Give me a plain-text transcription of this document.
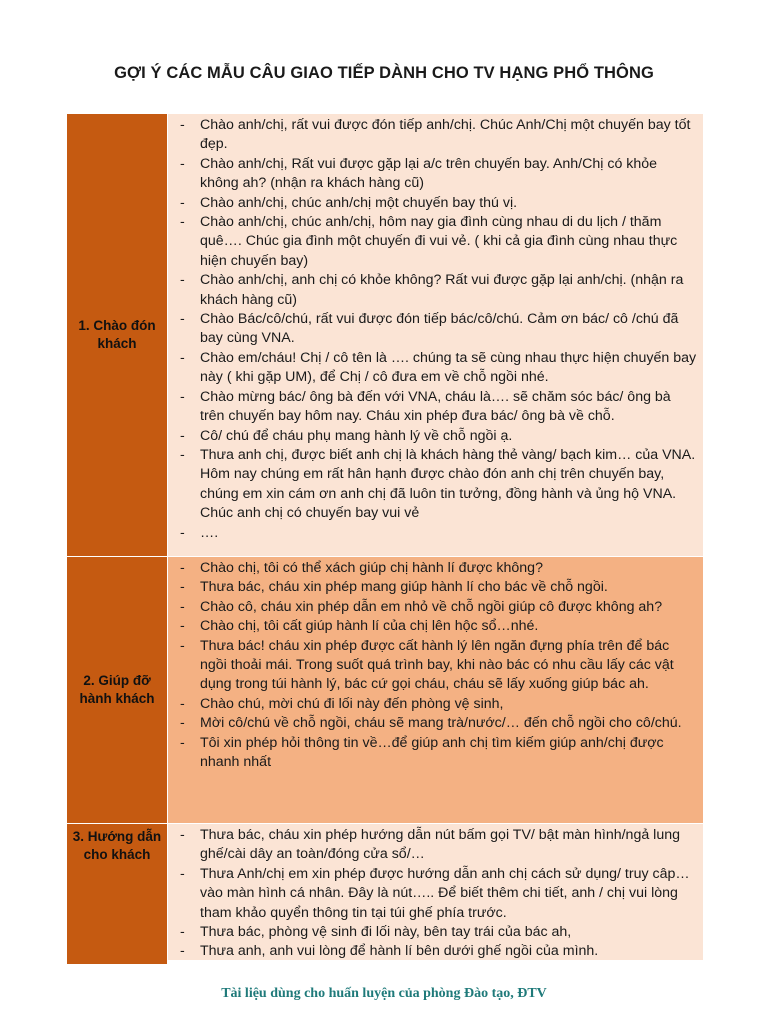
GỢI Ý CÁC MẪU CÂU GIAO TIẾP DÀNH CHO TV HẠNG PHỔ THÔNG
1. Chào đón khách
- Chào anh/chị, rất vui được đón tiếp anh/chị. Chúc Anh/Chị một chuyến bay tốt đẹp.
- Chào anh/chị, Rất vui được gặp lại a/c trên chuyến bay. Anh/Chị có khỏe không ah? (nhận ra khách hàng cũ)
- Chào anh/chị, chúc anh/chị một chuyến bay thú vị.
- Chào anh/chị, chúc anh/chị, hôm nay gia đình cùng nhau di du lịch / thăm quê…. Chúc gia đình một chuyến đi vui vẻ. ( khi cả gia đình cùng nhau thực hiện chuyến bay)
- Chào anh/chị, anh chị có khỏe không? Rất vui được gặp lại anh/chị. (nhận ra khách hàng cũ)
- Chào Bác/cô/chú, rất vui được đón tiếp bác/cô/chú. Cảm ơn bác/ cô /chú đã bay cùng VNA.
- Chào em/cháu! Chị / cô tên là …. chúng ta sẽ cùng nhau thực hiện chuyến bay này ( khi gặp UM), để Chị / cô đưa em về chỗ ngồi nhé.
- Chào mừng bác/ ông bà đến với VNA, cháu là…. sẽ chăm sóc bác/ ông bà trên chuyến bay hôm nay. Cháu xin phép đưa bác/ ông bà về chỗ.
- Cô/ chú để cháu phụ mang hành lý về chỗ ngồi ạ.
- Thưa anh chị, được biết anh chị là khách hàng thẻ vàng/ bạch kim… của VNA. Hôm nay chúng em rất hân hạnh được chào đón anh chị trên chuyến bay, chúng em xin cám ơn anh chị đã luôn tin tưởng, đồng hành và ủng hộ VNA. Chúc anh chị có chuyến bay vui vẻ
- ….
2. Giúp đỡ hành khách
- Chào chị, tôi có thể xách giúp chị hành lí được không?
- Thưa bác, cháu xin phép mang giúp hành lí cho bác về chỗ ngồi.
- Chào cô, cháu xin phép dẫn em nhỏ về chỗ ngồi giúp cô được không ah?
- Chào chị, tôi cất giúp hành lí của chị lên hộc sổ…nhé.
- Thưa bác! cháu xin phép được cất hành lý lên ngăn đựng phía trên để bác ngồi thoải mái. Trong suốt quá trình bay, khi nào bác có nhu cầu lấy các vật dụng trong túi hành lý, bác cứ gọi cháu, cháu sẽ lấy xuống giúp bác ah.
- Chào chú, mời chú đi lối này đến phòng vệ sinh,
- Mời cô/chú về chỗ ngồi, cháu sẽ mang trà/nước/… đến chỗ ngồi cho cô/chú.
- Tôi xin phép hỏi thông tin về…để giúp anh chị tìm kiếm giúp anh/chị được nhanh nhất
3. Hướng dẫn cho khách
- Thưa bác, cháu xin phép hướng dẫn nút bấm gọi TV/ bật màn hình/ngả lung ghế/cài dây an toàn/đóng cửa sổ/…
- Thưa Anh/chị em xin phép được hướng dẫn anh chị cách sử dụng/ truy câp… vào màn hình cá nhân. Đây là nút….. Để biết thêm chi tiết, anh / chị vui lòng tham khảo quyển thông tin tại túi ghế phía trước.
- Thưa bác, phòng vệ sinh đi lối này, bên tay trái của bác ah,
- Thưa anh, anh vui lòng để hành lí bên dưới ghế ngồi của mình.
Tài liệu dùng cho huấn luyện của phòng Đào tạo, ĐTV
